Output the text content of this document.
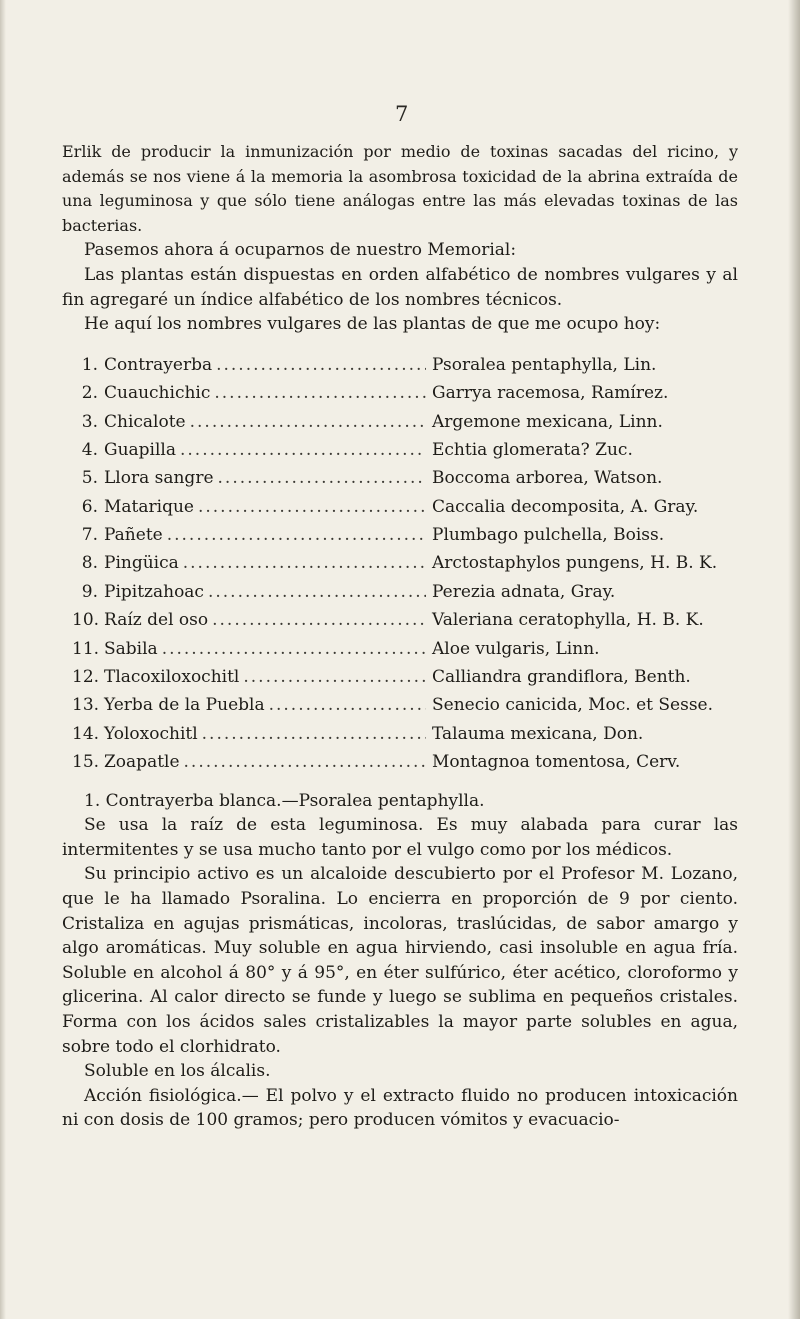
7

Erlik de producir la inmunización por medio de toxinas sacadas del ricino, y además se nos viene á la memoria la asombrosa toxicidad de la abrina extraída de una leguminosa y que sólo tiene análogas entre las más elevadas toxinas de las bacterias.

Pasemos ahora á ocuparnos de nuestro Memorial:

Las plantas están dispuestas en orden alfabético de nombres vulgares y al fin agregaré un índice alfabético de los nombres técnicos.

He aquí los nombres vulgares de las plantas de que me ocupo hoy:

1. Contrayerba .....	Psoralea pentaphylla, Lin.
2. Cuauchichic .....	Garrya racemosa, Ramírez.
3. Chicalote .....	Argemone mexicana, Linn.
4. Guapilla .....	Echtia glomerata? Zuc.
5. Llora sangre .....	Boccoma arborea, Watson.
6. Matarique .....	Caccalia decomposita, A. Gray.
7. Pañete .....	Plumbago pulchella, Boiss.
8. Pingüica .....	Arctostaphylos pungens, H. B. K.
9. Pipitzahoac .....	Perezia adnata, Gray.
10. Raíz del oso .....	Valeriana ceratophylla, H. B. K.
11. Sabila .....	Aloe vulgaris, Linn.
12. Tlacoxiloxochitl .....	Calliandra grandiflora, Benth.
13. Yerba de la Puebla .....	Senecio canicida, Moc. et Sesse.
14. Yoloxochitl .....	Talauma mexicana, Don.
15. Zoapatle .....	Montagnoa tomentosa, Cerv.

1. Contrayerba blanca.—Psoralea pentaphylla.

Se usa la raíz de esta leguminosa. Es muy alabada para curar las intermitentes y se usa mucho tanto por el vulgo como por los médicos.

Su principio activo es un alcaloide descubierto por el Profesor M. Lozano, que le ha llamado Psoralina. Lo encierra en proporción de 9 por ciento. Cristaliza en agujas prismáticas, incoloras, traslúcidas, de sabor amargo y algo aromáticas. Muy soluble en agua hirviendo, casi insoluble en agua fría. Soluble en alcohol á 80° y á 95°, en éter sulfúrico, éter acético, cloroformo y glicerina. Al calor directo se funde y luego se sublima en pequeños cristales. Forma con los ácidos sales cristalizables la mayor parte solubles en agua, sobre todo el clorhidrato.

Soluble en los álcalis.

Acción fisiológica.— El polvo y el extracto fluido no producen intoxicación ni con dosis de 100 gramos; pero producen vómitos y evacuacio-
